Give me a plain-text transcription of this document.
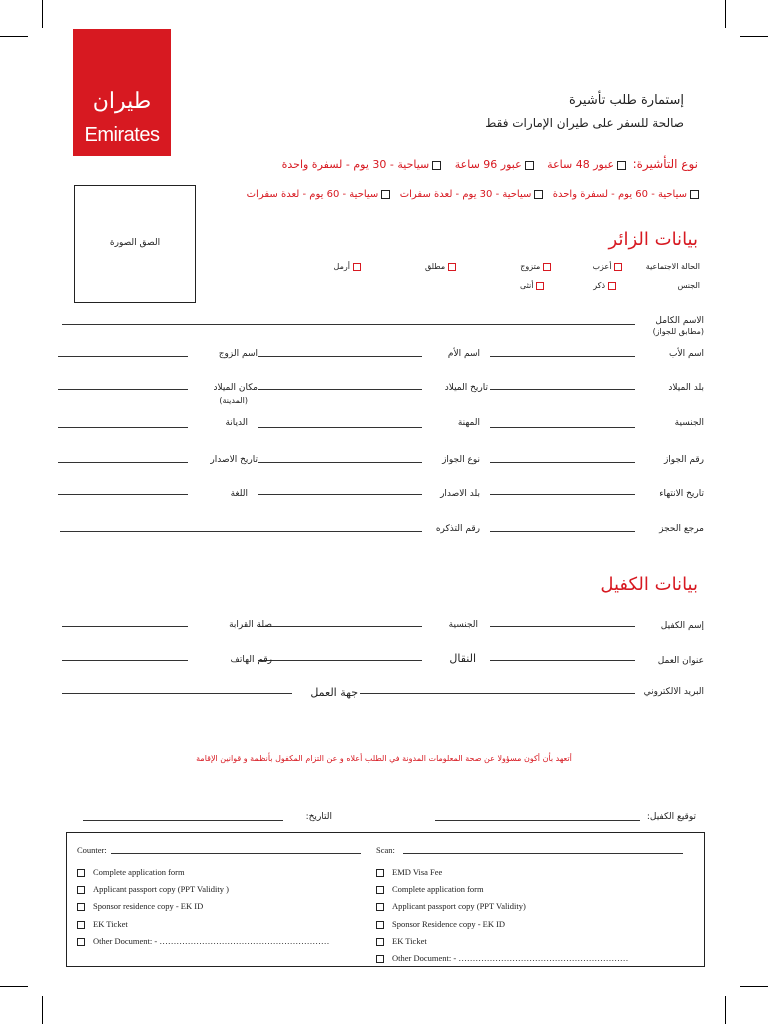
ﻃﻴﺮﺍﻥ
Emirates
إستمارة طلب تأشيرة
صالحة للسفر على طيران الإمارات فقط
نوع التأشيرة: عبور 48 ساعة   عبور 96 ساعة   سياحية - 30 يوم - لسفرة واحدة
سياحية - 60 يوم - لسفرة واحدة  سياحية - 30 يوم - لعدة سفرات  سياحية - 60 يوم - لعدة سفرات
الصق الصورة	بيانات الزائر
الحالة الاجتماعية        أعزب               متزوج                        مطلق                        أرمل
الجنس                       ذكر                  أنثى
الاسم الكامل
(مطابق للجواز)
اسم الأب
اسم الأم
اسم الزوج
بلد الميلاد
تاريخ الميلاد
مكان الميلاد
(المدينة)
الجنسية
المهنة
الديانة
رقم الجواز
نوع الجواز
تاريخ الاصدار
تاريخ الانتهاء
بلد الاصدار
اللغة
مرجع الحجز
رقم التذكره
بيانات الكفيل
إسم الكفيل
الجنسية
صلة القرابة
عنوان العمل
النقال
رقم الهاتف
البريد الالكتروني
جهة العمل
أتعهد بأن أكون مسؤولا عن صحة المعلومات المدونة في الطلب أعلاه و عن التزام المكفول بأنظمة و قوانين الإقامة
توقيع الكفيل:
التاريخ:
Counter:	Scan:
Complete application form
Applicant passport copy (PPT Validity )
Sponsor residence copy - EK ID
EK Ticket
Other Document: - ……………………………………………………
EMD Visa Fee
Complete application form
Applicant passport copy (PPT Validity)
Sponsor Residence copy - EK ID
EK Ticket
Other Document: - ……………………………………………………
